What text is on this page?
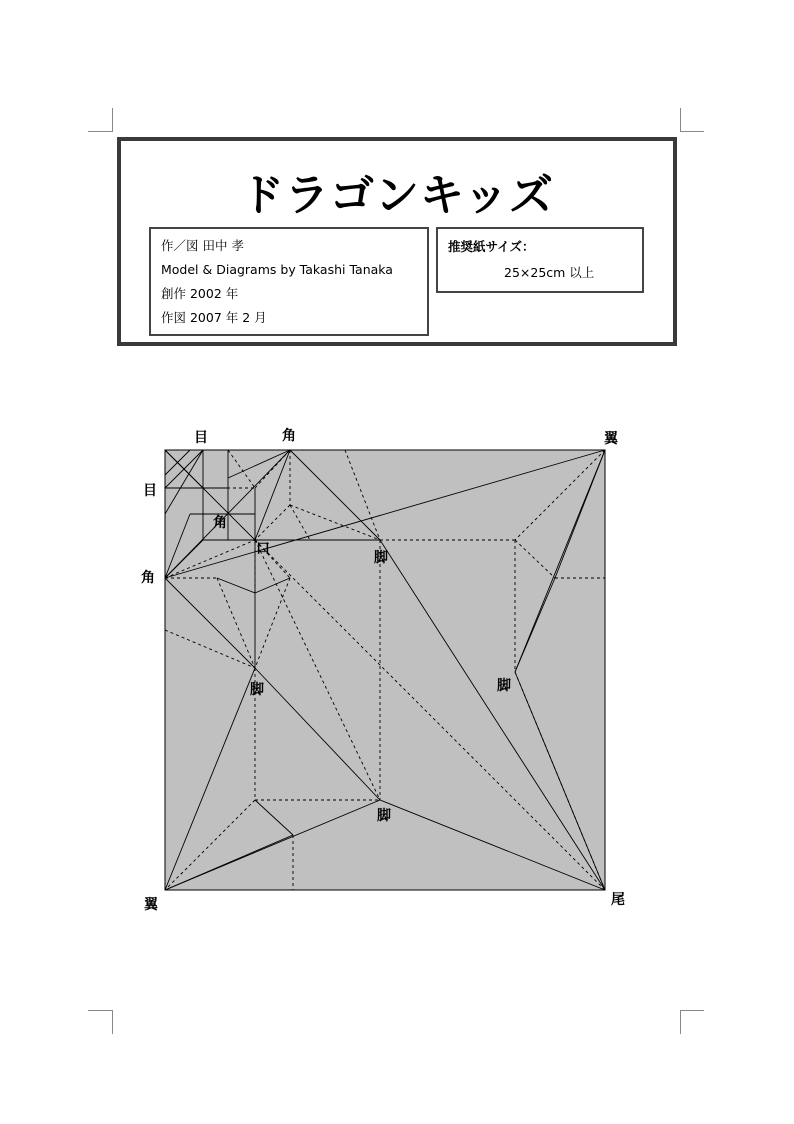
ドラゴンキッズ
作／図 田中 孝
Model & Diagrams by Takashi Tanaka
創作 2002 年
作図 2007 年 2 月
推奨紙サイズ：
25×25cm 以上
目	角	翼
目
角
口
脚
角
脚
脚
脚
翼	尾
